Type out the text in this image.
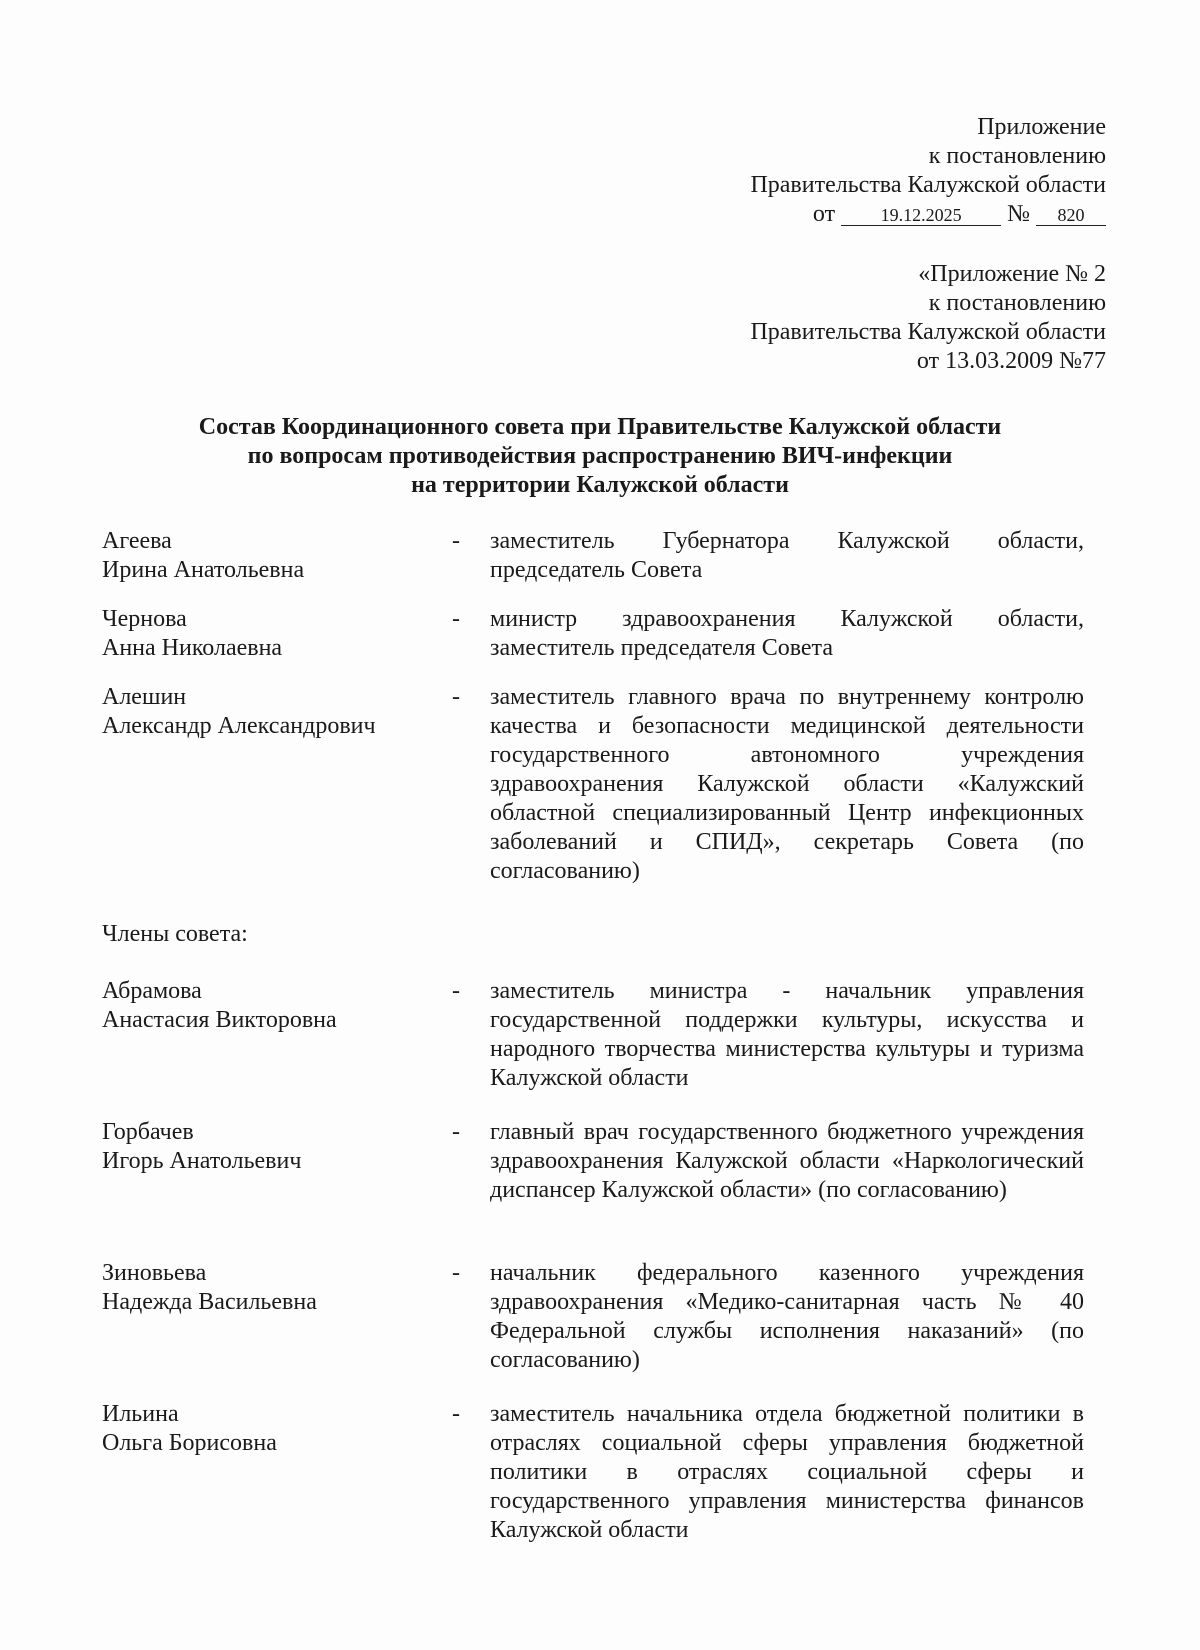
Приложение
к постановлению
Правительства Калужской области
от	19.12.2025 № 820
«Приложение № 2
к постановлению
Правительства Калужской области
от 13.03.2009 №77
Состав Координационного совета при Правительстве Калужской области
по вопросам противодействия распространению ВИЧ-инфекции
на территории Калужской области
Агеева
Ирина Анатольевна
- заместитель Губернатора Калужской области, председатель Совета
Чернова
Анна Николаевна
- министр здравоохранения Калужской области, заместитель председателя Совета
Алешин
Александр Александрович
- заместитель главного врача по внутреннему контролю качества и безопасности медицинской деятельности государственного автономного учреждения здравоохранения Калужской области «Калужский областной специализированный Центр инфекционных заболеваний и СПИД», секретарь Совета (по согласованию)
Члены совета:
Абрамова
Анастасия Викторовна
- заместитель министра - начальник управления государственной поддержки культуры, искусства и народного творчества министерства культуры и туризма Калужской области
Горбачев
Игорь Анатольевич
- главный врач государственного бюджетного учреждения здравоохранения Калужской области «Наркологический диспансер Калужской области» (по согласованию)
Зиновьева
Надежда Васильевна
- начальник федерального казенного учреждения здравоохранения «Медико-санитарная часть № 40 Федеральной службы исполнения наказаний» (по согласованию)
Ильина
Ольга Борисовна
- заместитель начальника отдела бюджетной политики в отраслях социальной сферы управления бюджетной политики в отраслях социальной сферы и государственного управления министерства финансов Калужской области
